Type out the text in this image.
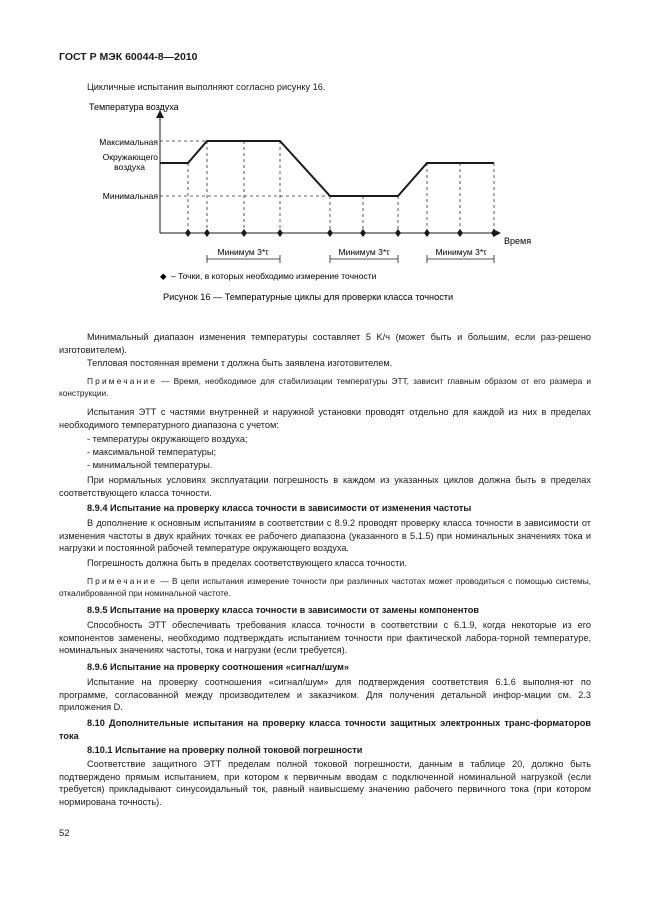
ГОСТ Р МЭК 60044-8—2010
Цикличные испытания выполняют согласно рисунку 16.
Температура воздуха
Время
Максимальная
Окружающего
воздуха
Минимальная
Минимум 3*τ	Минимум 3*τ	Минимум 3*τ
◆ – Точки, в которых необходимо измерение точности
Рисунок 16 — Температурные циклы для проверки класса точности
Минимальный диапазон изменения температуры составляет 5 K/ч (может быть и большим, если раз-решено изготовителем).
Тепловая постоянная времени τ должна быть заявлена изготовителем.
Примечание — Время, необходимое для стабилизации температуры ЭТТ, зависит главным образом от его размера и конструкции.
Испытания ЭТТ с частями внутренней и наружной установки проводят отдельно для каждой из них в пределах необходимого температурного диапазона с учетом:
- температуры окружающего воздуха;
- максимальной температуры;
- минимальной температуры.
При нормальных условиях эксплуатации погрешность в каждом из указанных циклов должна быть в пределах соответствующего класса точности.
8.9.4 Испытание на проверку класса точности в зависимости от изменения частоты
В дополнение к основным испытаниям в соответствии с 8.9.2 проводят проверку класса точности в зависимости от изменения частоты в двух крайних точках ее рабочего диапазона (указанного в 5.1.5) при номинальных значениях тока и нагрузки и постоянной рабочей температуре окружающего воздуха.
Погрешность должна быть в пределах соответствующего класса точности.
Примечание — В цепи испытания измерение точности при различных частотах может проводиться с помощью системы, откалиброванной при номинальной частоте.
8.9.5 Испытание на проверку класса точности в зависимости от замены компонентов
Способность ЭТТ обеспечивать требования класса точности в соответствии с 6.1.9, когда некоторые из его компонентов заменены, необходимо подтверждать испытанием точности при фактической лабора-торной температуре, номинальных значениях частоты, тока и нагрузки (если требуется).
8.9.6 Испытание на проверку соотношения «сигнал/шум»
Испытание на проверку соотношения «сигнал/шум» для подтверждения соответствия 6.1.6 выполня-ют по программе, согласованной между производителем и заказчиком. Для получения детальной инфор-мации см. 2.3 приложения D.
8.10 Дополнительные испытания на проверку класса точности защитных электронных транс-форматоров тока
8.10.1 Испытание на проверку полной токовой погрешности
Соответствие защитного ЭТТ пределам полной токовой погрешности, данным в таблице 20, должно быть подтверждено прямым испытанием, при котором к первичным вводам с подключенной номинальной нагрузкой (если требуется) прикладывают синусоидальный ток, равный наивысшему значению рабочего первичного тока (при котором нормирована точность).
52
